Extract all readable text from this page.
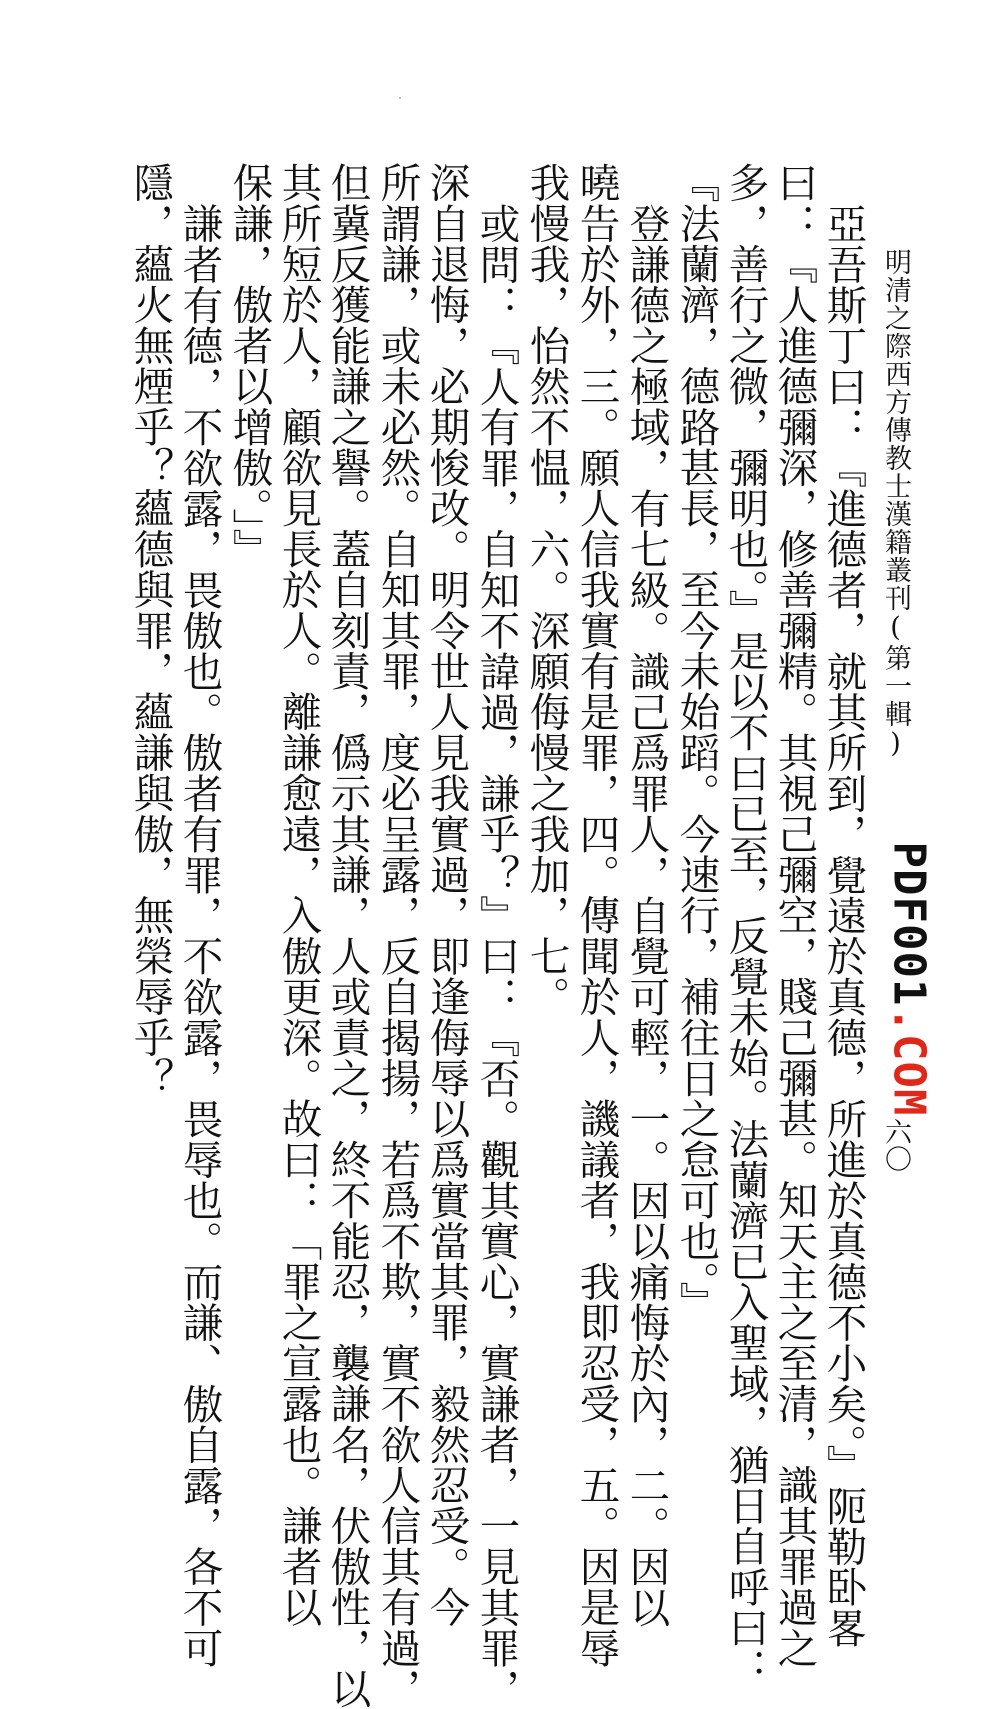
明清之際西方傳教士漢籍叢刊(第一輯)
PDF001.COM
六〇
亞吾斯丁曰：『進德者，就其所到，覺遠於真德，所進於真德不小矣。』阨勒卧畧
曰：『人進德彌深，修善彌精。其視己彌空，賤己彌甚。知天主之至清，識其罪過之
多，善行之微，彌明也。』是以不曰已至，反覺未始。法蘭濟已入聖域，猶日自呼曰：
『法蘭濟，德路甚長，至今未始蹈。今速行，補往日之怠可也。』
登謙德之極域，有七級。識己爲罪人，自覺可輕，一。因以痛悔於內，二。因以
曉告於外，三。願人信我實有是罪，四。傳聞於人，譏議者，我即忍受，五。因是辱
我慢我，怡然不愠，六。深願侮慢之我加，七。
或問：『人有罪，自知不諱過，謙乎？』曰：『否。觀其實心，實謙者，一見其罪，
深自退悔，必期悛改。明令世人見我實過，即逢侮辱以爲實當其罪，毅然忍受。今
所謂謙，或未必然。自知其罪，度必呈露，反自揭揚，若爲不欺，實不欲人信其有過，
但冀反獲能謙之譽。蓋自刻責，僞示其謙，人或責之，終不能忍，襲謙名，伏傲性，以
其所短於人，顧欲見長於人。離謙愈遠，入傲更深。故曰：「罪之宣露也。謙者以
保謙，傲者以增傲。」』
謙者有德，不欲露，畏傲也。傲者有罪，不欲露，畏辱也。而謙、傲自露，各不可
隱，蘊火無煙乎？蘊德與罪，蘊謙與傲，無榮辱乎？
